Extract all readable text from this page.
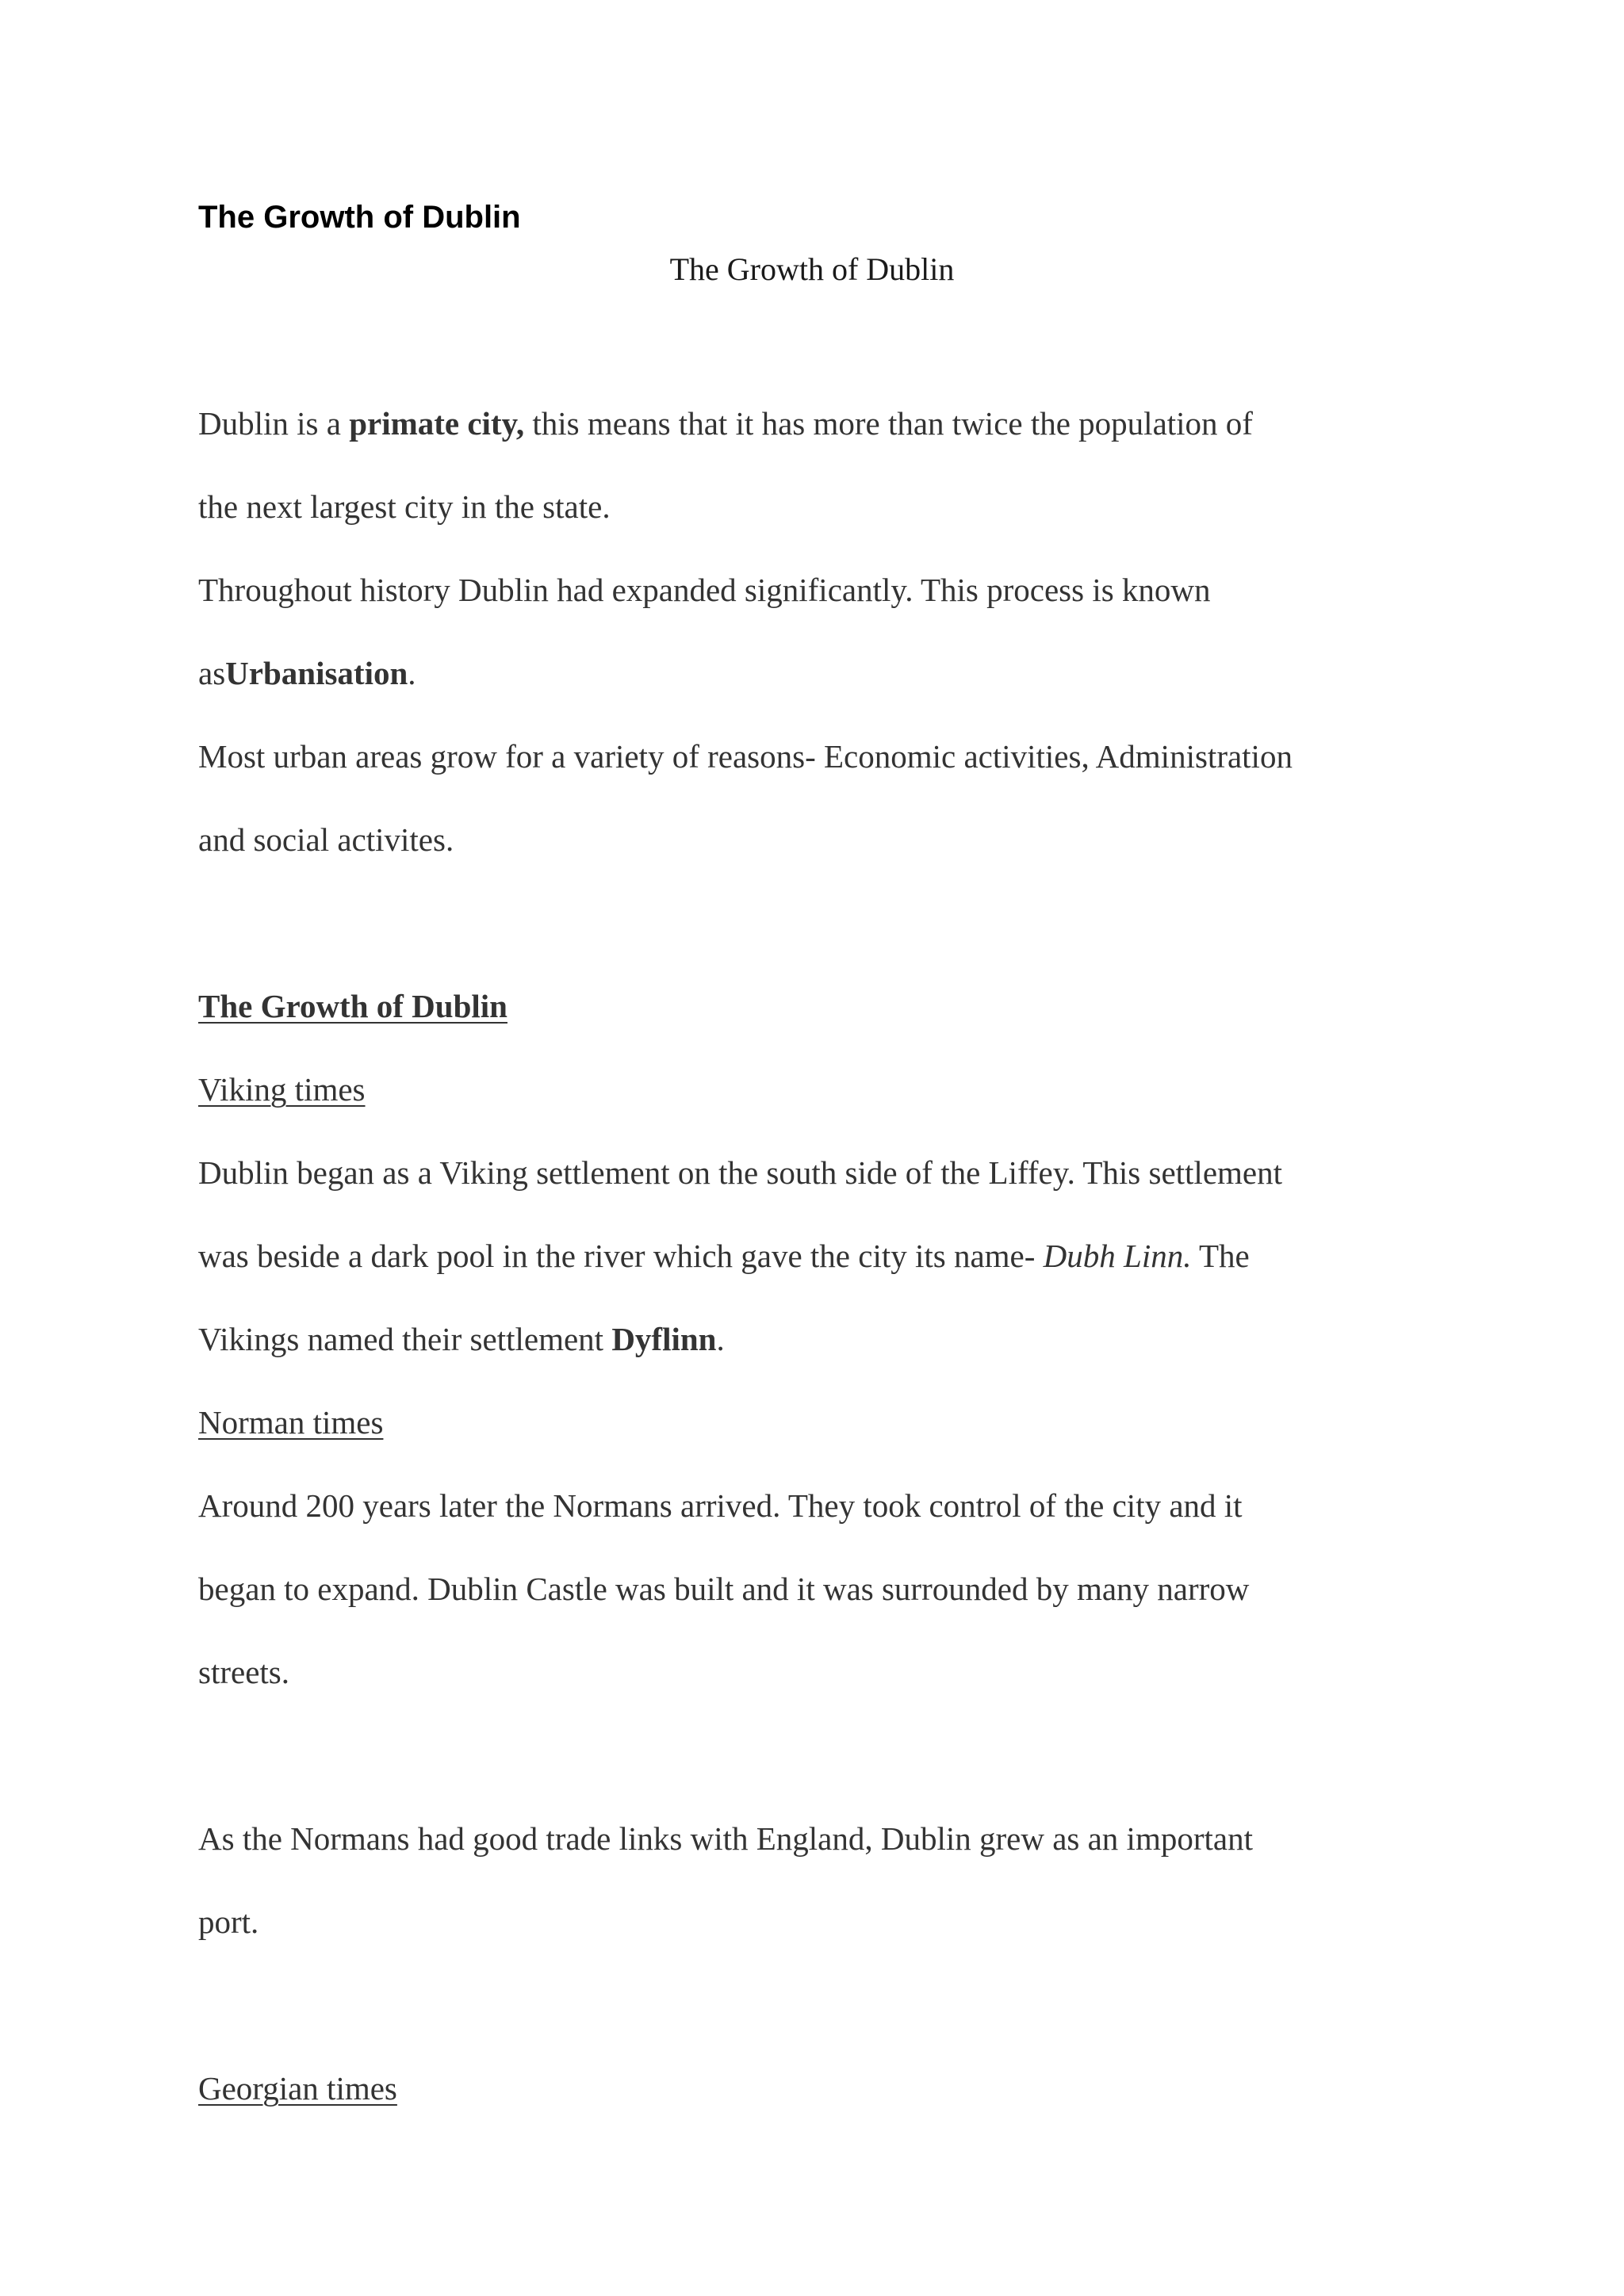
The Growth of Dublin
The Growth of Dublin

Dublin is a primate city, this means that it has more than twice the population of

the next largest city in the state.

Throughout history Dublin had expanded significantly. This process is known

asUrbanisation.

Most urban areas grow for a variety of reasons- Economic activities, Administration

and social activites.

The Growth of Dublin

Viking times

Dublin began as a Viking settlement on the south side of the Liffey. This settlement

was beside a dark pool in the river which gave the city its name- Dubh Linn. The

Vikings named their settlement Dyflinn.

Norman times

Around 200 years later the Normans arrived. They took control of the city and it

began to expand. Dublin Castle was built and it was surrounded by many narrow

streets.

As the Normans had good trade links with England, Dublin grew as an important

port.

Georgian times
